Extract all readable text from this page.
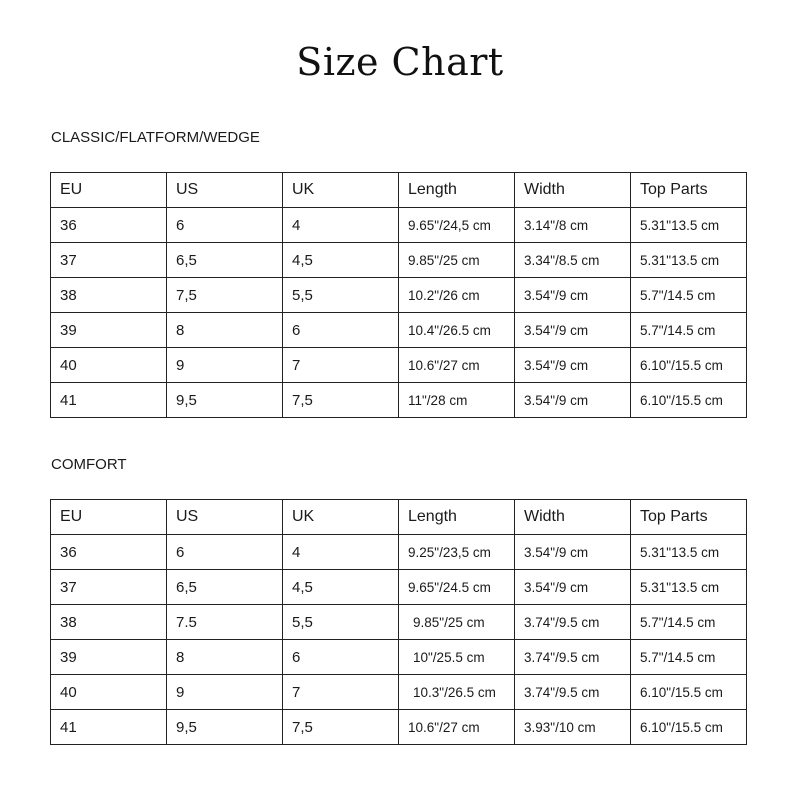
Size Chart
CLASSIC/FLATFORM/WEDGE
EU	US	UK	Length	Width	Top Parts
36	6	4	9.65"/24,5 cm	3.14"/8 cm	5.31"13.5 cm
37	6,5	4,5	9.85"/25 cm	3.34"/8.5 cm	5.31"13.5 cm
38	7,5	5,5	10.2"/26 cm	3.54"/9 cm	5.7"/14.5 cm
39	8	6	10.4"/26.5 cm	3.54"/9 cm	5.7"/14.5 cm
40	9	7	10.6"/27 cm	3.54"/9 cm	6.10"/15.5 cm
41	9,5	7,5	11"/28 cm	3.54"/9 cm	6.10"/15.5 cm
COMFORT
EU	US	UK	Length	Width	Top Parts
36	6	4	9.25"/23,5 cm	3.54"/9 cm	5.31"13.5 cm
37	6,5	4,5	9.65"/24.5 cm	3.54"/9 cm	5.31"13.5 cm
38	7.5	5,5	9.85"/25 cm	3.74"/9.5 cm	5.7"/14.5 cm
39	8	6	10"/25.5 cm	3.74"/9.5 cm	5.7"/14.5 cm
40	9	7	10.3"/26.5 cm	3.74"/9.5 cm	6.10"/15.5 cm
41	9,5	7,5	10.6"/27 cm	3.93"/10 cm	6.10"/15.5 cm
